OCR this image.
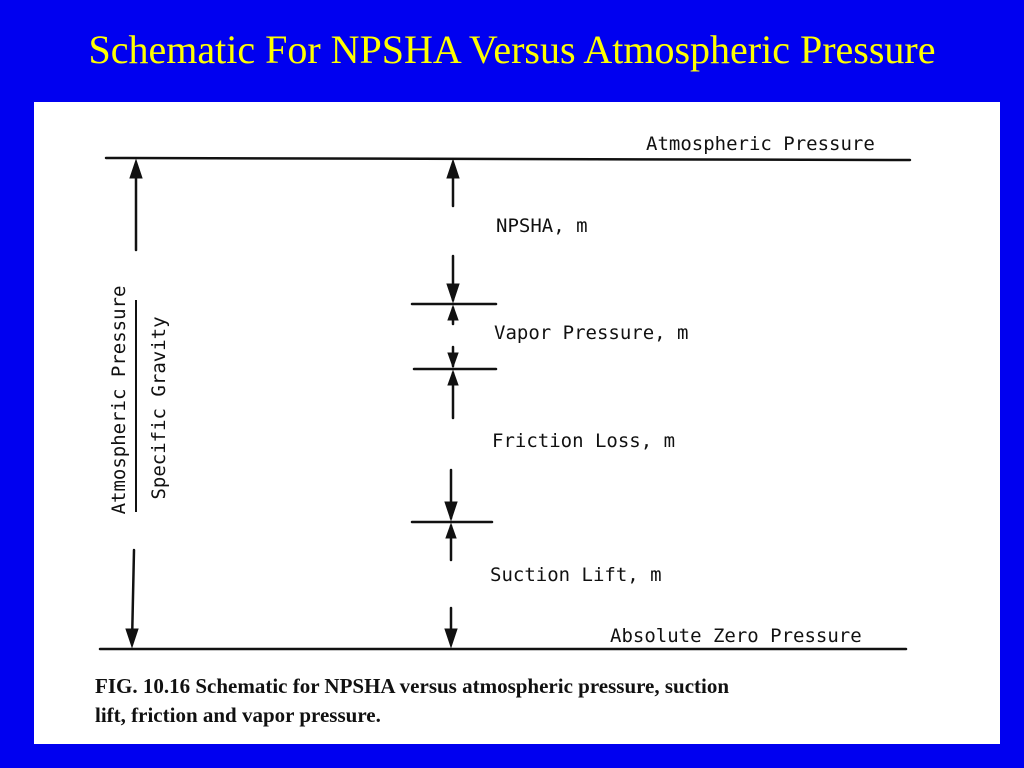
Schematic For NPSHA Versus Atmospheric Pressure
Atmospheric Pressure Specific Gravity
Atmospheric Pressure
Absolute Zero Pressure
NPSHA, m
Vapor Pressure, m
Friction Loss, m
Suction Lift, m

FIG. 10.16 Schematic for NPSHA versus atmospheric pressure, suction
lift, friction and vapor pressure.
